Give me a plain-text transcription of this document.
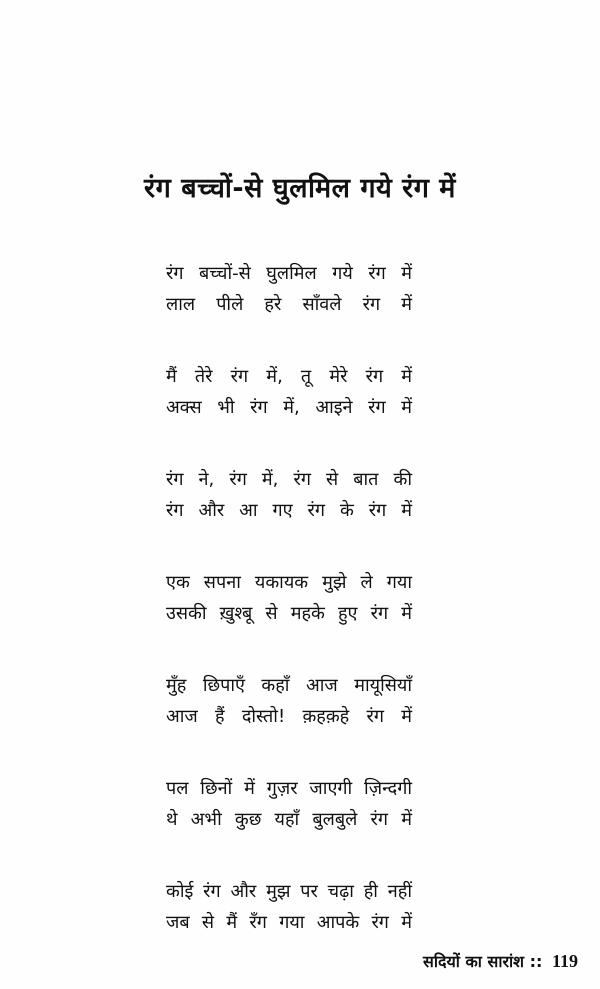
रंग बच्चों-से घुलमिल गये रंग में
रंग बच्चों-से घुलमिल गये रंग में
लाल पीले हरे साँवले रंग में
मैं तेरे रंग में, तू मेरे रंग में
अक्स भी रंग में, आइने रंग में
रंग ने, रंग में, रंग से बात की
रंग और आ गए रंग के रंग में
एक सपना यकायक मुझे ले गया
उसकी ख़ुश्बू से महके हुए रंग में
मुँह छिपाएँ कहाँ आज मायूसियाँ
आज हैं दोस्तो! क़हक़हे रंग में
पल छिनों में गुज़र जाएगी ज़िन्दगी
थे अभी कुछ यहाँ बुलबुले रंग में
कोई रंग और मुझ पर चढ़ा ही नहीं
जब से मैं रँग गया आपके रंग में
सदियों का सारांश :: 119
